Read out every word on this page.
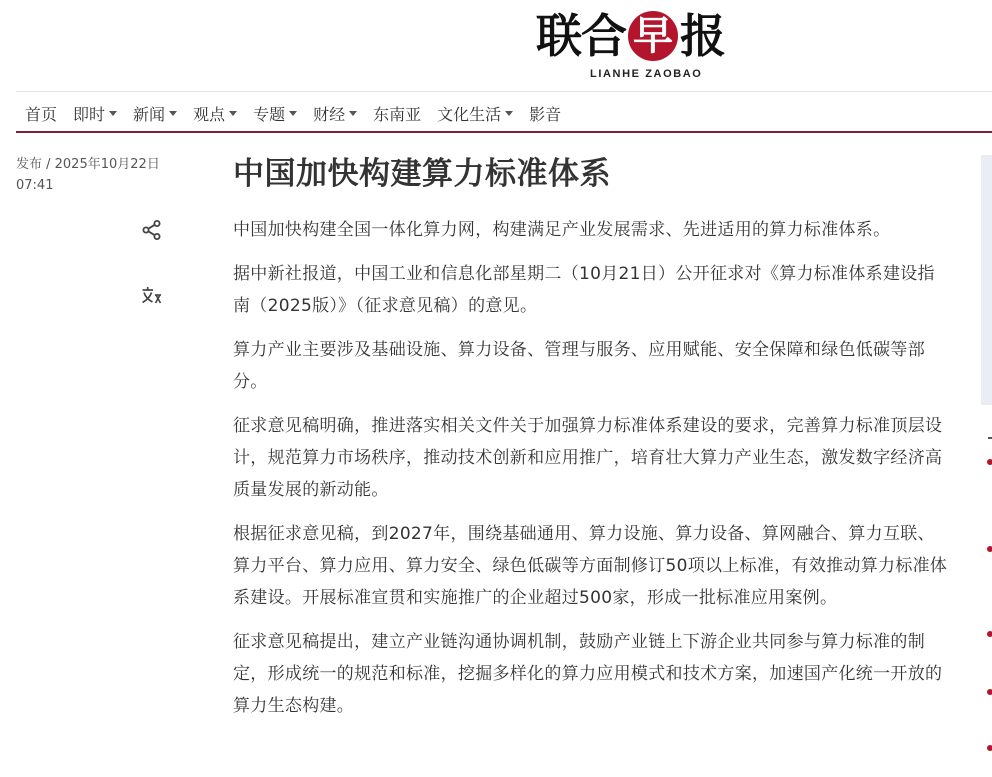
联 合 早 报
LIANHE ZAOBAO
首页 即时 新闻 观点 专题 财经 东南亚 文化生活 影音
发布 / 2025年10月22日
07:41	中国加快构建算力标准体系

中国加快构建全国一体化算力网，构建满足产业发展需求、先进适用的算力标准体系。

据中新社报道，中国工业和信息化部星期二（10月21日）公开征求对《算力标准体系建设指南（2025版）》（征求意见稿）的意见。

算力产业主要涉及基础设施、算力设备、管理与服务、应用赋能、安全保障和绿色低碳等部分。

征求意见稿明确，推进落实相关文件关于加强算力标准体系建设的要求，完善算力标准顶层设计，规范算力市场秩序，推动技术创新和应用推广，培育壮大算力产业生态，激发数字经济高质量发展的新动能。

根据征求意见稿，到2027年，围绕基础通用、算力设施、算力设备、算网融合、算力互联、算力平台、算力应用、算力安全、绿色低碳等方面制修订50项以上标准，有效推动算力标准体系建设。开展标准宣贯和实施推广的企业超过500家，形成一批标准应用案例。

征求意见稿提出，建立产业链沟通协调机制，鼓励产业链上下游企业共同参与算力标准的制定，形成统一的规范和标准，挖掘多样化的算力应用模式和技术方案，加速国产化统一开放的算力生态构建。
